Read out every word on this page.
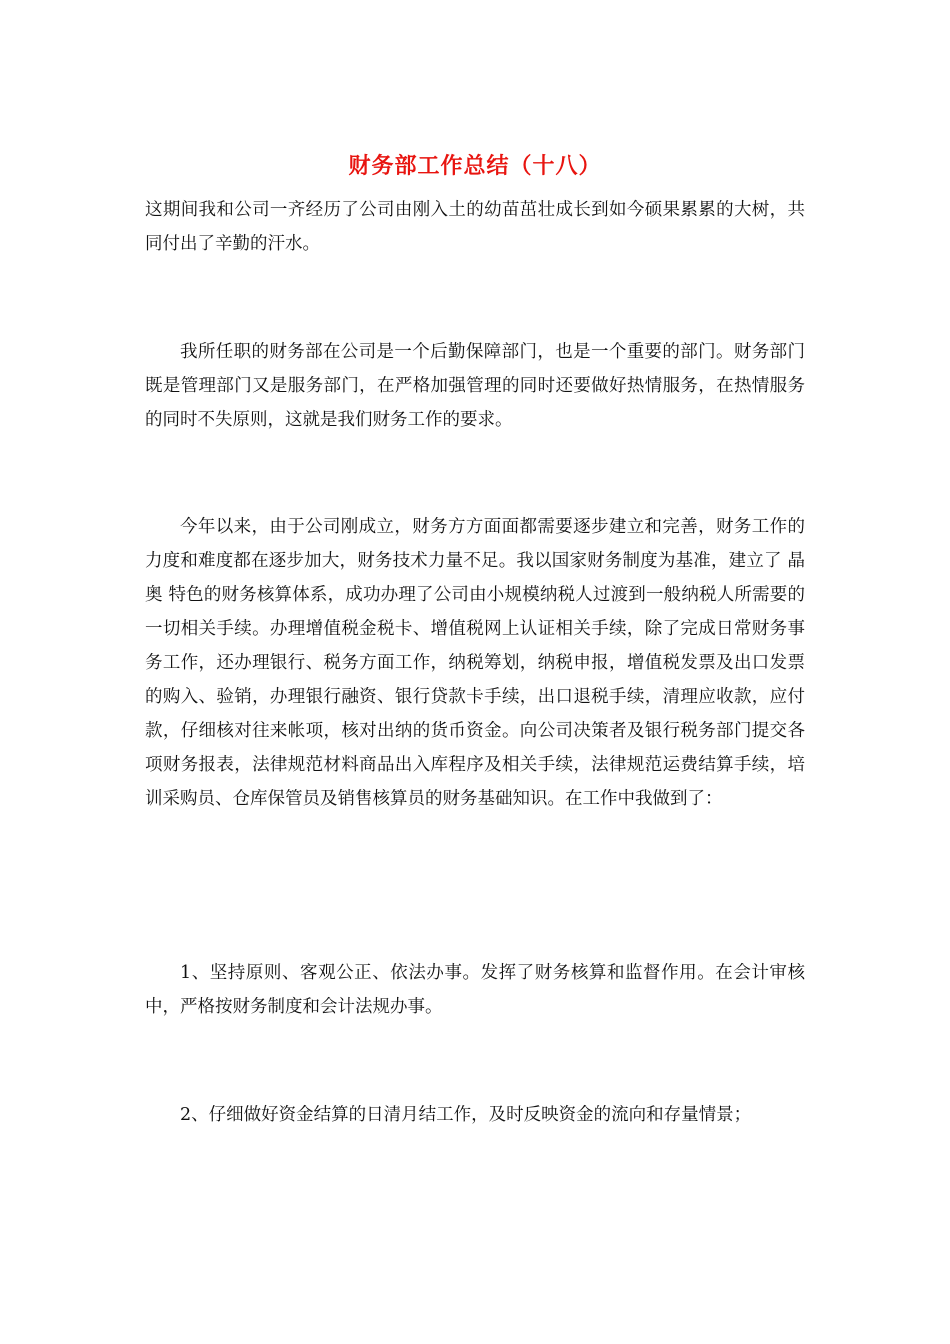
财务部工作总结（十八）
这期间我和公司一齐经历了公司由刚入土的幼苗茁壮成长到如今硕果累累的大树，共同付出了辛勤的汗水。
我所任职的财务部在公司是一个后勤保障部门，也是一个重要的部门。财务部门既是管理部门又是服务部门，在严格加强管理的同时还要做好热情服务，在热情服务的同时不失原则，这就是我们财务工作的要求。
今年以来，由于公司刚成立，财务方方面面都需要逐步建立和完善，财务工作的力度和难度都在逐步加大，财务技术力量不足。我以国家财务制度为基准，建立了 晶奥 特色的财务核算体系，成功办理了公司由小规模纳税人过渡到一般纳税人所需要的一切相关手续。办理增值税金税卡、增值税网上认证相关手续，除了完成日常财务事务工作，还办理银行、税务方面工作，纳税筹划，纳税申报，增值税发票及出口发票的购入、验销，办理银行融资、银行贷款卡手续，出口退税手续，清理应收款，应付款，仔细核对往来帐项，核对出纳的货币资金。向公司决策者及银行税务部门提交各项财务报表，法律规范材料商品出入库程序及相关手续，法律规范运费结算手续，培训采购员、仓库保管员及销售核算员的财务基础知识。在工作中我做到了：
1、坚持原则、客观公正、依法办事。发挥了财务核算和监督作用。在会计审核中，严格按财务制度和会计法规办事。
2、仔细做好资金结算的日清月结工作，及时反映资金的流向和存量情景；
